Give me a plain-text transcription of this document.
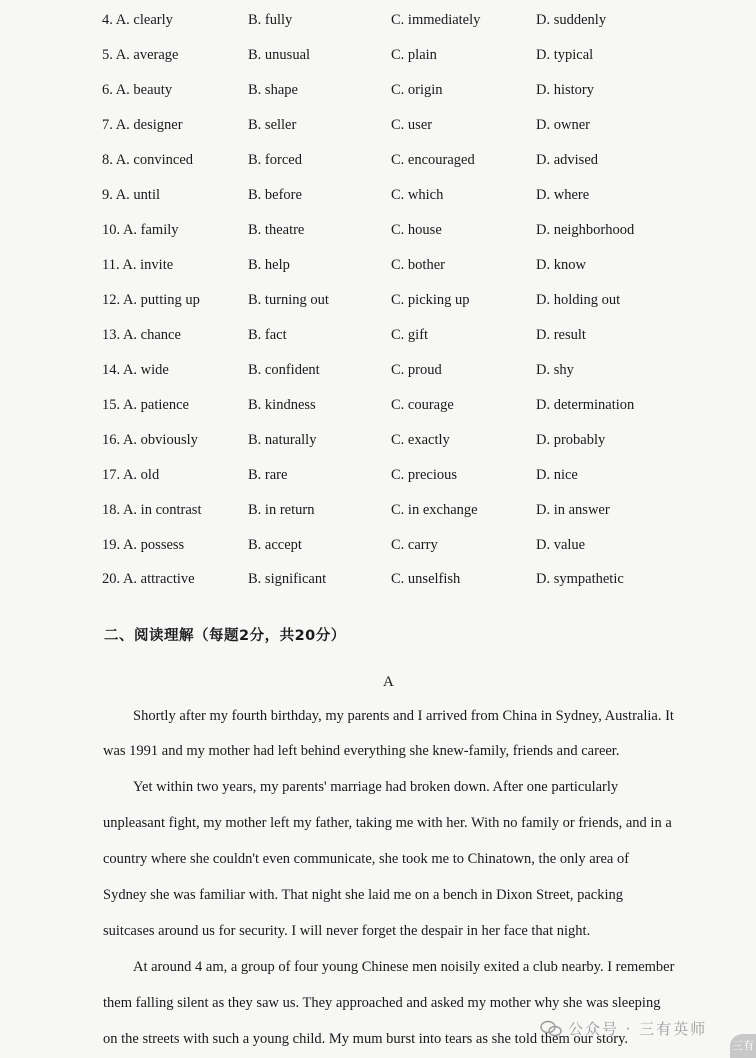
4. A. clearly	B. fully	C. immediately	D. suddenly
5. A. average	B. unusual	C. plain	D. typical
6. A. beauty	B. shape	C. origin	D. history
7. A. designer	B. seller	C. user	D. owner
8. A. convinced	B. forced	C. encouraged	D. advised
9. A. until	B. before	C. which	D. where
10. A. family	B. theatre	C. house	D. neighborhood
11. A. invite	B. help	C. bother	D. know
12. A. putting up	B. turning out	C. picking up	D. holding out
13. A. chance	B. fact	C. gift	D. result
14. A. wide	B. confident	C. proud	D. shy
15. A. patience	B. kindness	C. courage	D. determination
16. A. obviously	B. naturally	C. exactly	D. probably
17. A. old	B. rare	C. precious	D. nice
18. A. in contrast	B. in return	C. in exchange	D. in answer
19. A. possess	B. accept	C. carry	D. value
20. A. attractive	B. significant	C. unselfish	D. sympathetic
二、阅读理解（每题2分，共20分）
A
Shortly after my fourth birthday, my parents and I arrived from China in Sydney, Australia. It
was 1991 and my mother had left behind everything she knew-family, friends and career.
Yet within two years, my parents' marriage had broken down. After one particularly
unpleasant fight, my mother left my father, taking me with her. With no family or friends, and in a
country where she couldn't even communicate, she took me to Chinatown, the only area of
Sydney she was familiar with. That night she laid me on a bench in Dixon Street, packing
suitcases around us for security. I will never forget the despair in her face that night.
At around 4 am, a group of four young Chinese men noisily exited a club nearby. I remember
them falling silent as they saw us. They approached and asked my mother why she was sleeping
on the streets with such a young child. My mum burst into tears as she told them our story.
公众号 · 三有英师
三有
